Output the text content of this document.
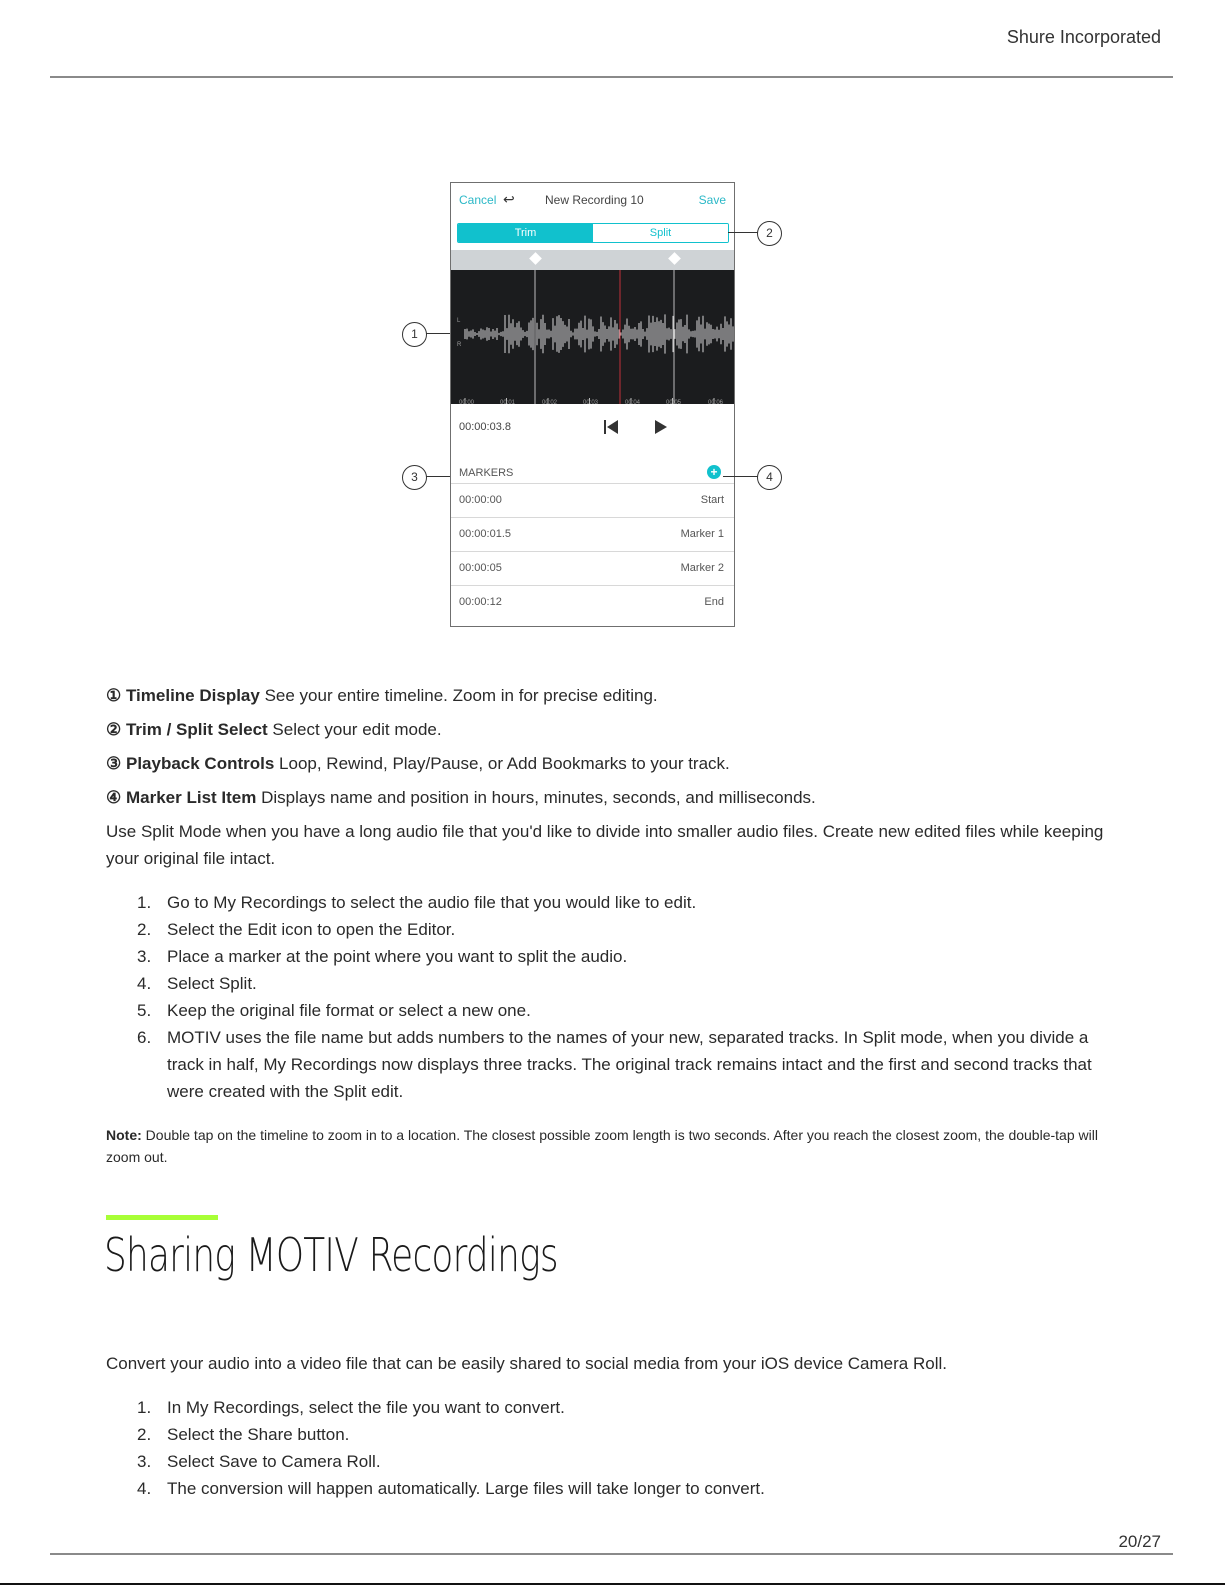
Shure Incorporated
Cancel ↩	New Recording 10	Save
Trim	Split
L
R
00:00	00:01	00:02	00:03	00:04	00:05	00:06
00:00:03.8
MARKERS	+
00:00:00	Start
00:00:01.5	Marker 1
00:00:05	Marker 2
00:00:12	End
1
2
3	4
① Timeline Display See your entire timeline. Zoom in for precise editing.
② Trim / Split Select Select your edit mode.
③ Playback Controls Loop, Rewind, Play/Pause, or Add Bookmarks to your track.
④ Marker List Item Displays name and position in hours, minutes, seconds, and milliseconds.
Use Split Mode when you have a long audio file that you'd like to divide into smaller audio files. Create new edited files while keeping your original file intact.
1. Go to My Recordings to select the audio file that you would like to edit.
2. Select the Edit icon to open the Editor.
3. Place a marker at the point where you want to split the audio.
4. Select Split.
5. Keep the original file format or select a new one.
6. MOTIV uses the file name but adds numbers to the names of your new, separated tracks. In Split mode, when you divide a track in half, My Recordings now displays three tracks. The original track remains intact and the first and second tracks that were created with the Split edit.
Note: Double tap on the timeline to zoom in to a location. The closest possible zoom length is two seconds. After you reach the closest zoom, the double-tap will zoom out.
Sharing MOTIV Recordings
Convert your audio into a video file that can be easily shared to social media from your iOS device Camera Roll.
1. In My Recordings, select the file you want to convert.
2. Select the Share button.
3. Select Save to Camera Roll.
4. The conversion will happen automatically. Large files will take longer to convert.
20/27
